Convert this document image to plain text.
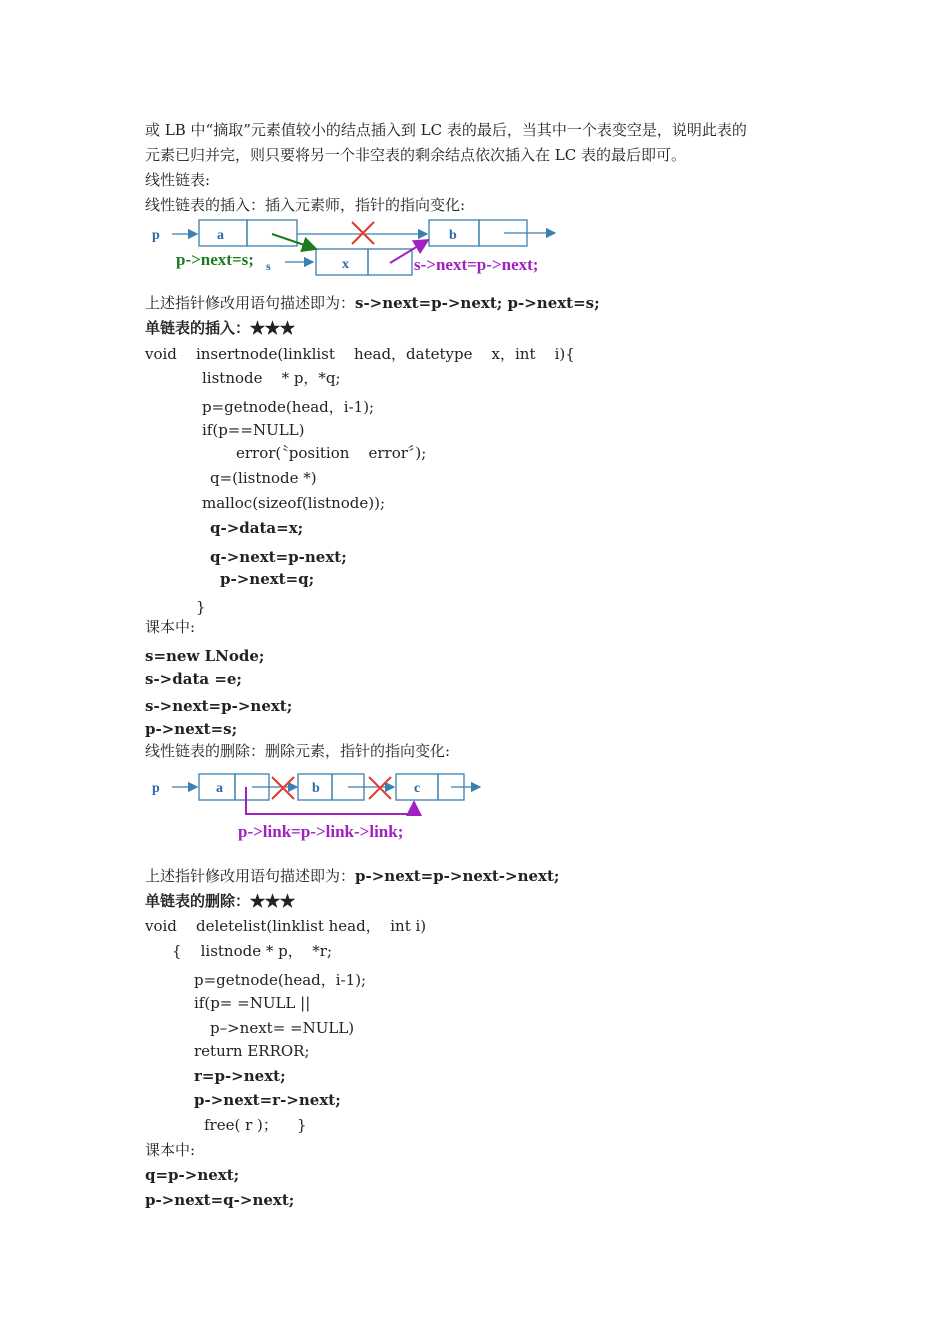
或 LB 中“摘取”元素值较小的结点插入到 LC 表的最后，当其中一个表变空是，说明此表的
元素已归并完，则只要将另一个非空表的剩余结点依次插入在 LC 表的最后即可。
线性链表:
线性链表的插入：插入元素师，指针的指向变化:
p	a	b
s	x
p->next=s;	s->next=p->next;
上述指针修改用语句描述即为：s->next=p->next; p->next=s;
单链表的插入：★★★
void    insertnode(linklist    head，datetype    x，int    i){
listnode    * p，*q;
p=getnode(head，i-1);
if(p==NULL)
error(〝position    error〞);
q=(listnode *)
malloc(sizeof(listnode));
q->data=x;
q->next=p-next;
p->next=q;
}
课本中:
s=new LNode;
s->data =e;
s->next=p->next;
p->next=s;
线性链表的删除：删除元素，指针的指向变化:
p	a	b	c
p->link=p->link->link;
上述指针修改用语句描述即为：p->next=p->next->next;
单链表的删除：★★★
void    deletelist(linklist head，  int i)
{    listnode * p，  *r;
p=getnode(head，i-1);
if(p= =NULL ||
p–>next= =NULL)
return ERROR;
r=p->next;
p->next=r->next;
free( r )；    }
课本中:
q=p->next;
p->next=q->next;
